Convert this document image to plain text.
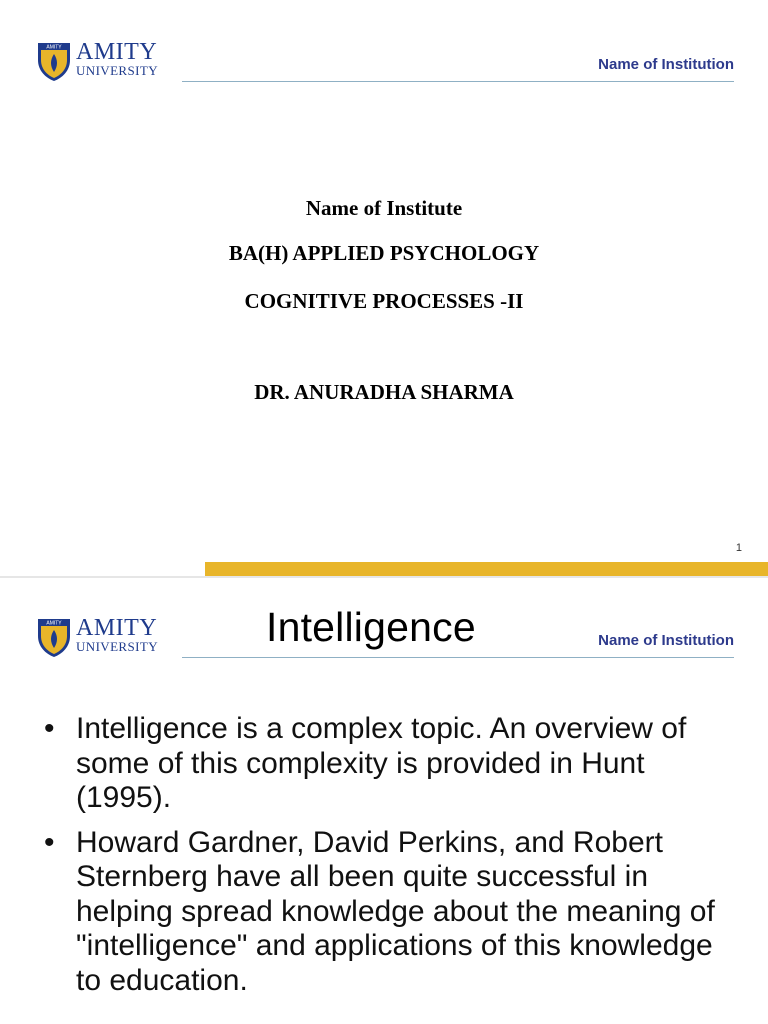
AMITY AMITY
UNIVERSITY	Name of Institution
Name of Institute
BA(H) APPLIED PSYCHOLOGY
COGNITIVE PROCESSES -II
DR. ANURADHA SHARMA
1
AMITY AMITY
UNIVERSITY	Intelligence	Name of Institution
• Intelligence is a complex topic. An overview of some of this complexity is provided in Hunt (1995).
• Howard Gardner, David Perkins, and Robert Sternberg have all been quite successful in helping spread knowledge about the meaning of "intelligence" and applications of this knowledge to education.
